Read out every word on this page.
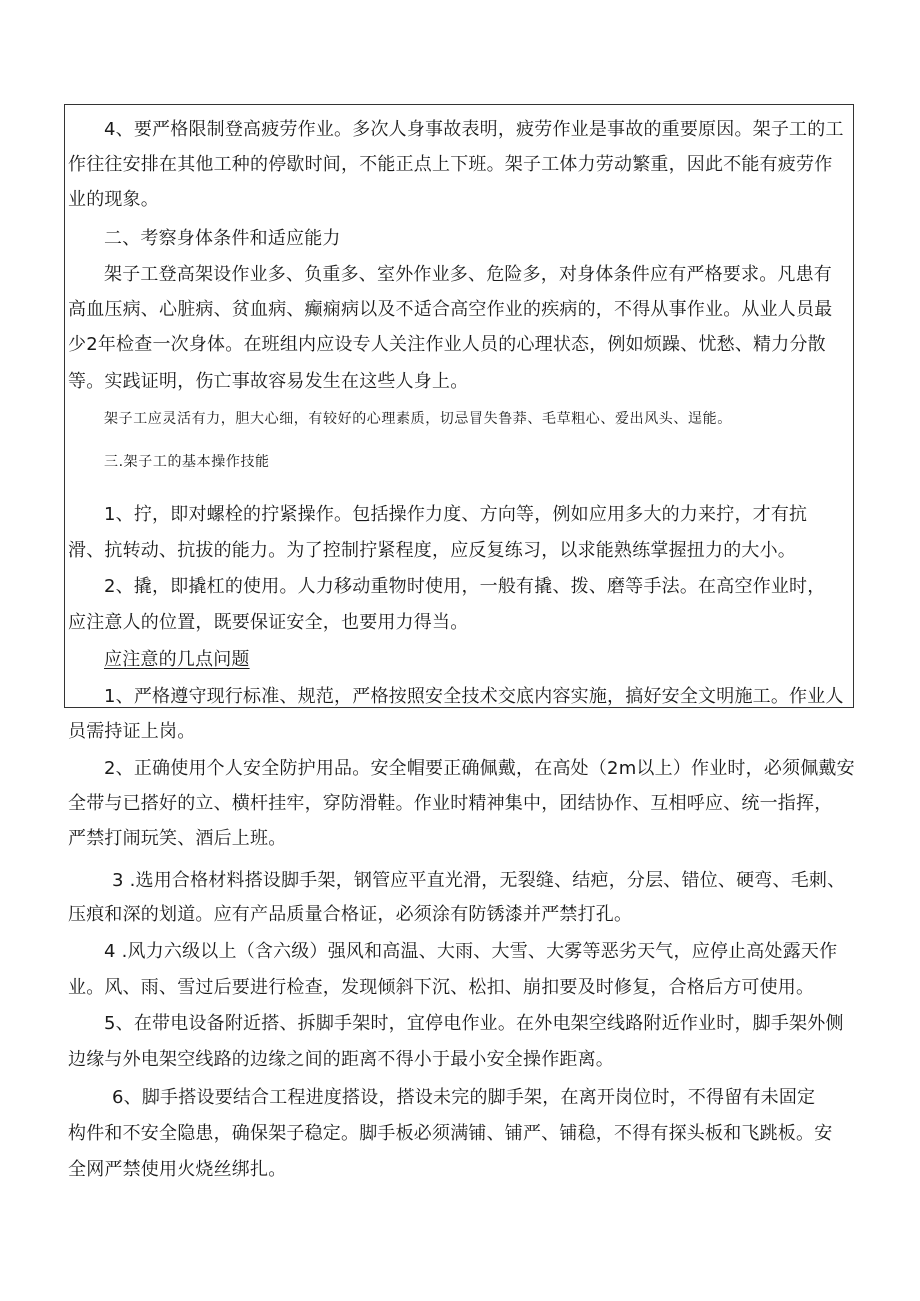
4、要严格限制登高疲劳作业。多次人身事故表明，疲劳作业是事故的重要原因。架子工的工
作往往安排在其他工种的停歇时间，不能正点上下班。架子工体力劳动繁重，因此不能有疲劳作
业的现象。
二、考察身体条件和适应能力
架子工登高架设作业多、负重多、室外作业多、危险多，对身体条件应有严格要求。凡患有
高血压病、心脏病、贫血病、癫痫病以及不适合高空作业的疾病的，不得从事作业。从业人员最
少2年检查一次身体。在班组内应设专人关注作业人员的心理状态，例如烦躁、忧愁、精力分散
等。实践证明，伤亡事故容易发生在这些人身上。
架子工应灵活有力，胆大心细，有较好的心理素质，切忌冒失鲁莽、毛草粗心、爱出风头、逞能。
三.架子工的基本操作技能
1、拧，即对螺栓的拧紧操作。包括操作力度、方向等，例如应用多大的力来拧，才有抗
滑、抗转动、抗拔的能力。为了控制拧紧程度，应反复练习，以求能熟练掌握扭力的大小。
2、撬，即撬杠的使用。人力移动重物时使用，一般有撬、拨、磨等手法。在高空作业时，
应注意人的位置，既要保证安全，也要用力得当。
应注意的几点问题
1、严格遵守现行标准、规范，严格按照安全技术交底内容实施，搞好安全文明施工。作业人
员需持证上岗。
2、正确使用个人安全防护用品。安全帽要正确佩戴，在高处（2m以上）作业时，必须佩戴安
全带与已搭好的立、横杆挂牢，穿防滑鞋。作业时精神集中，团结协作、互相呼应、统一指挥，
严禁打闹玩笑、酒后上班。
3 .选用合格材料搭设脚手架，钢管应平直光滑，无裂缝、结疤，分层、错位、硬弯、毛刺、
压痕和深的划道。应有产品质量合格证，必须涂有防锈漆并严禁打孔。
4 .风力六级以上（含六级）强风和高温、大雨、大雪、大雾等恶劣天气，应停止高处露天作
业。风、雨、雪过后要进行检查，发现倾斜下沉、松扣、崩扣要及时修复，合格后方可使用。
5、在带电设备附近搭、拆脚手架时，宜停电作业。在外电架空线路附近作业时，脚手架外侧
边缘与外电架空线路的边缘之间的距离不得小于最小安全操作距离。
6、脚手搭设要结合工程进度搭设，搭设未完的脚手架，在离开岗位时，不得留有未固定
构件和不安全隐患，确保架子稳定。脚手板必须满铺、铺严、铺稳，不得有探头板和飞跳板。安
全网严禁使用火烧丝绑扎。
